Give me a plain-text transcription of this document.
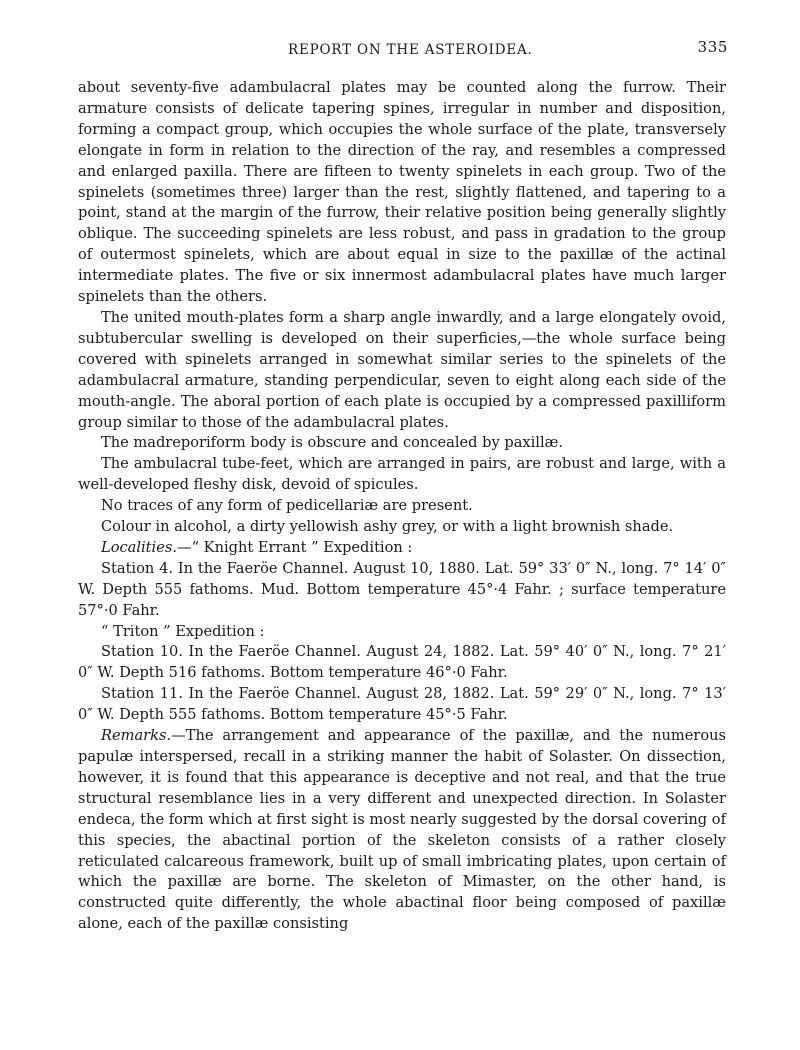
REPORT ON THE ASTEROIDEA.	335

about seventy-five adambulacral plates may be counted along the furrow. Their armature consists of delicate tapering spines, irregular in number and disposition, forming a compact group, which occupies the whole surface of the plate, transversely elongate in form in relation to the direction of the ray, and resembles a compressed and enlarged paxilla. There are fifteen to twenty spinelets in each group. Two of the spinelets (sometimes three) larger than the rest, slightly flattened, and tapering to a point, stand at the margin of the furrow, their relative position being generally slightly oblique. The succeeding spinelets are less robust, and pass in gradation to the group of outermost spinelets, which are about equal in size to the paxillæ of the actinal intermediate plates. The five or six innermost adambulacral plates have much larger spinelets than the others.

The united mouth-plates form a sharp angle inwardly, and a large elongately ovoid, subtubercular swelling is developed on their superficies,—the whole surface being covered with spinelets arranged in somewhat similar series to the spinelets of the adambulacral armature, standing perpendicular, seven to eight along each side of the mouth-angle. The aboral portion of each plate is occupied by a compressed paxilliform group similar to those of the adambulacral plates.

The madreporiform body is obscure and concealed by paxillæ.

The ambulacral tube-feet, which are arranged in pairs, are robust and large, with a well-developed fleshy disk, devoid of spicules.

No traces of any form of pedicellariæ are present.

Colour in alcohol, a dirty yellowish ashy grey, or with a light brownish shade.

Localities.—“ Knight Errant ” Expedition :

Station 4. In the Faeröe Channel. August 10, 1880. Lat. 59° 33′ 0″ N., long. 7° 14′ 0″ W. Depth 555 fathoms. Mud. Bottom temperature 45°·4 Fahr. ; surface temperature 57°·0 Fahr.

“ Triton ” Expedition :

Station 10. In the Faeröe Channel. August 24, 1882. Lat. 59° 40′ 0″ N., long. 7° 21′ 0″ W. Depth 516 fathoms. Bottom temperature 46°·0 Fahr.

Station 11. In the Faeröe Channel. August 28, 1882. Lat. 59° 29′ 0″ N., long. 7° 13′ 0″ W. Depth 555 fathoms. Bottom temperature 45°·5 Fahr.

Remarks.—The arrangement and appearance of the paxillæ, and the numerous papulæ interspersed, recall in a striking manner the habit of Solaster. On dissection, however, it is found that this appearance is deceptive and not real, and that the true structural resemblance lies in a very different and unexpected direction. In Solaster endeca, the form which at first sight is most nearly suggested by the dorsal covering of this species, the abactinal portion of the skeleton consists of a rather closely reticulated calcareous framework, built up of small imbricating plates, upon certain of which the paxillæ are borne. The skeleton of Mimaster, on the other hand, is constructed quite differently, the whole abactinal floor being composed of paxillæ alone, each of the paxillæ consisting
